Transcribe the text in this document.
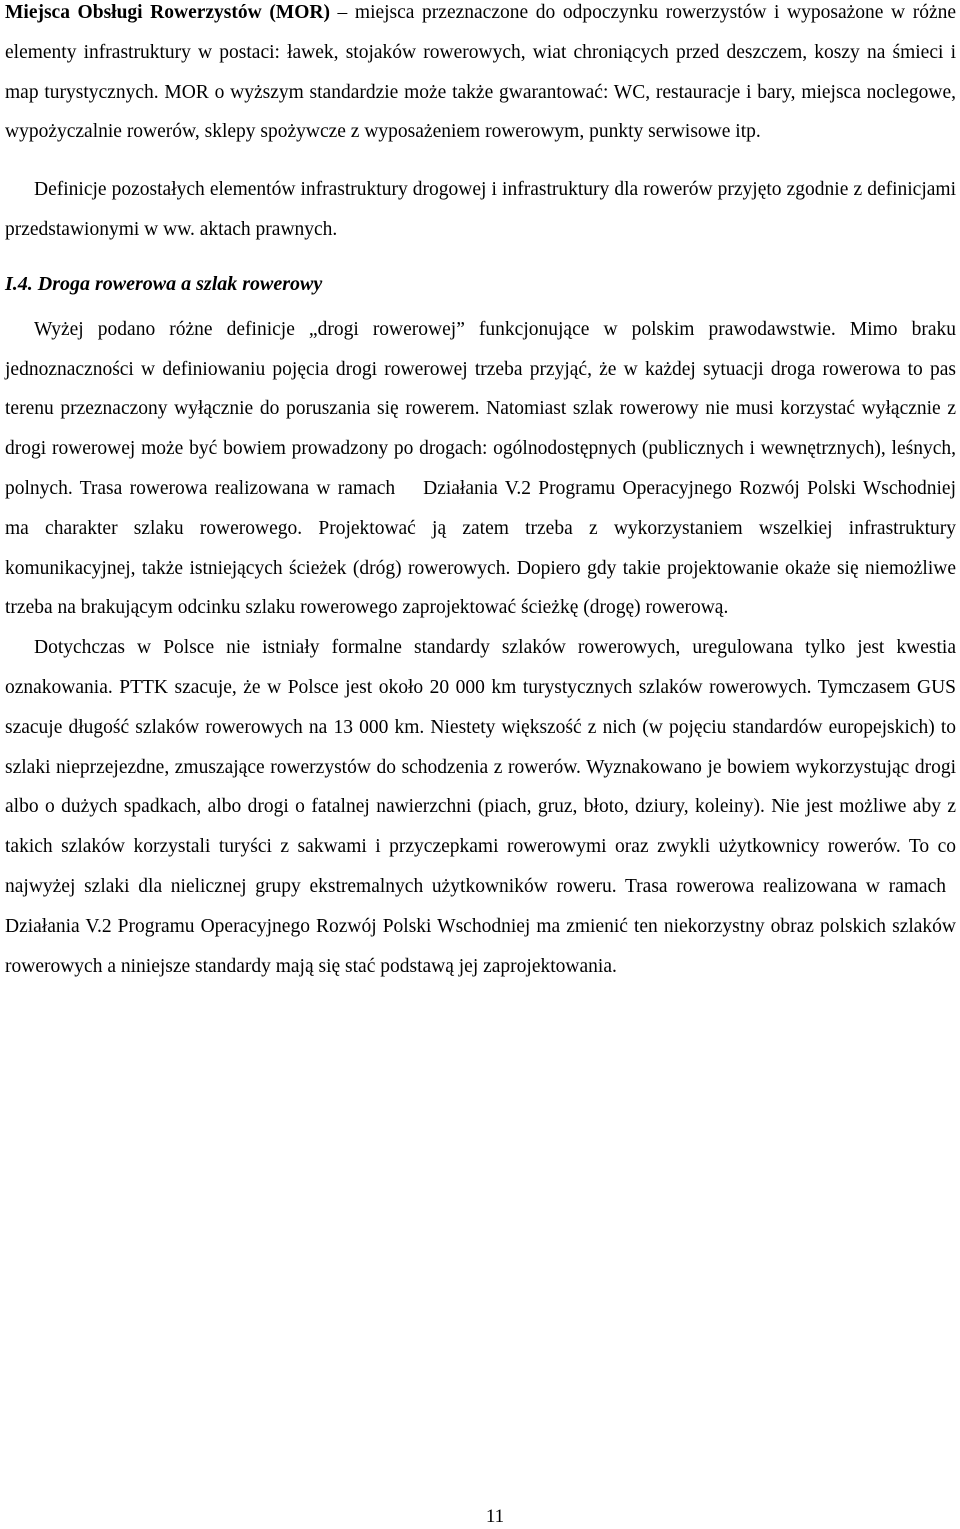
Miejsca Obsługi Rowerzystów (MOR) – miejsca przeznaczone do odpoczynku rowerzystów i wyposażone w różne elementy infrastruktury w postaci: ławek, stojaków rowerowych, wiat chroniących przed deszczem, koszy na śmieci i map turystycznych. MOR o wyższym standardzie może także gwarantować: WC, restauracje i bary, miejsca noclegowe, wypożyczalnie rowerów, sklepy spożywcze z wyposażeniem rowerowym, punkty serwisowe itp.

Definicje pozostałych elementów infrastruktury drogowej i infrastruktury dla rowerów przyjęto zgodnie z definicjami przedstawionymi w ww. aktach prawnych.

I.4. Droga rowerowa a szlak rowerowy

Wyżej podano różne definicje „drogi rowerowej” funkcjonujące w polskim prawodawstwie. Mimo braku jednoznaczności w definiowaniu pojęcia drogi rowerowej trzeba przyjąć, że w każdej sytuacji droga rowerowa to pas terenu przeznaczony wyłącznie do poruszania się rowerem. Natomiast szlak rowerowy nie musi korzystać wyłącznie z drogi rowerowej może być bowiem prowadzony po drogach: ogólnodostępnych (publicznych i wewnętrznych), leśnych, polnych. Trasa rowerowa realizowana w ramach Działania V.2 Programu Operacyjnego Rozwój Polski Wschodniej ma charakter szlaku rowerowego. Projektować ją zatem trzeba z wykorzystaniem wszelkiej infrastruktury komunikacyjnej, także istniejących ścieżek (dróg) rowerowych. Dopiero gdy takie projektowanie okaże się niemożliwe trzeba na brakującym odcinku szlaku rowerowego zaprojektować ścieżkę (drogę) rowerową.

Dotychczas w Polsce nie istniały formalne standardy szlaków rowerowych, uregulowana tylko jest kwestia oznakowania. PTTK szacuje, że w Polsce jest około 20 000 km turystycznych szlaków rowerowych. Tymczasem GUS szacuje długość szlaków rowerowych na 13 000 km. Niestety większość z nich (w pojęciu standardów europejskich) to szlaki nieprzejezdne, zmuszające rowerzystów do schodzenia z rowerów. Wyznakowano je bowiem wykorzystując drogi albo o dużych spadkach, albo drogi o fatalnej nawierzchni (piach, gruz, błoto, dziury, koleiny). Nie jest możliwe aby z takich szlaków korzystali turyści z sakwami i przyczepkami rowerowymi oraz zwykli użytkownicy rowerów. To co najwyżej szlaki dla nielicznej grupy ekstremalnych użytkowników roweru. Trasa rowerowa realizowana w ramachDziałania V.2 Programu Operacyjnego Rozwój Polski Wschodniej ma zmienić ten niekorzystny obraz polskich szlaków rowerowych a niniejsze standardy mają się stać podstawą jej zaprojektowania.

11
